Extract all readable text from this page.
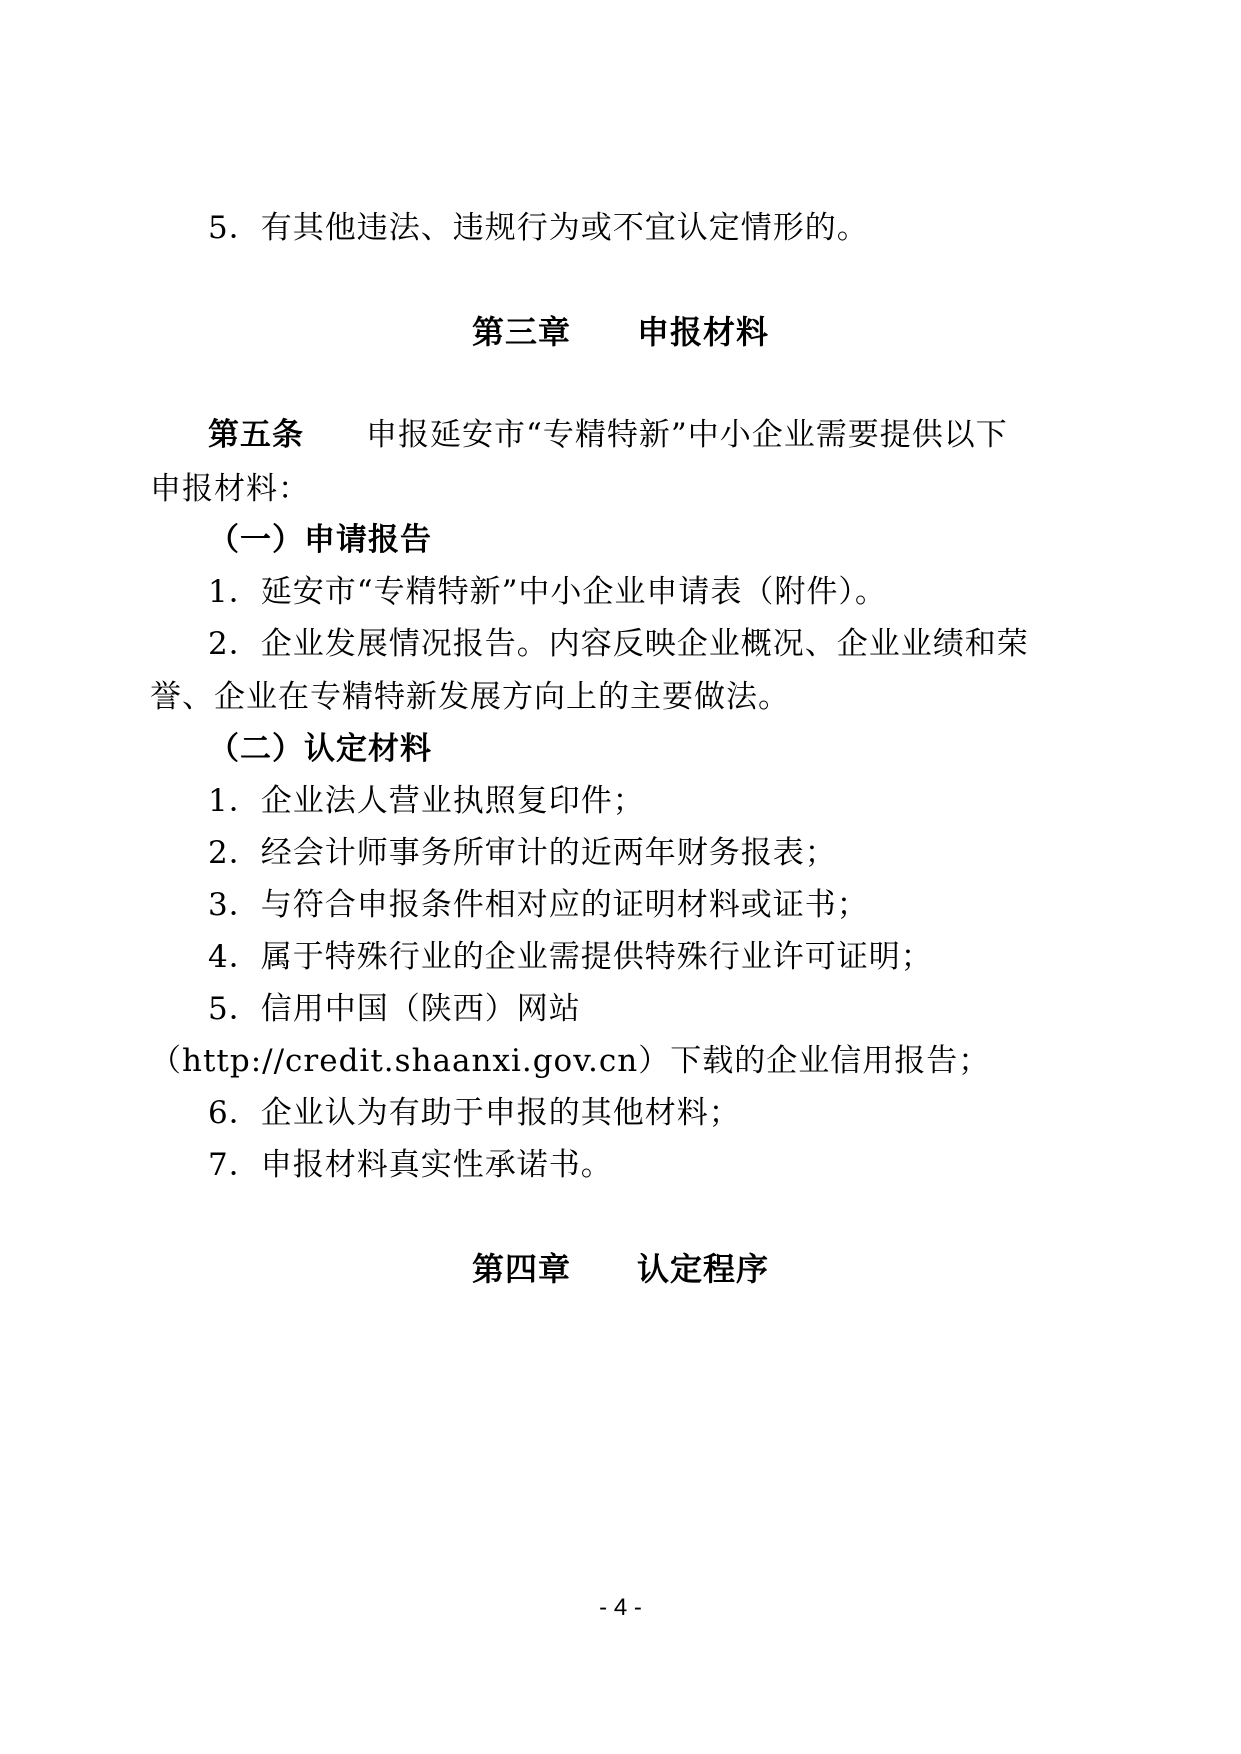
5．有其他违法、违规行为或不宜认定情形的。
第三章 申报材料
第五条 申报延安市“专精特新”中小企业需要提供以下
申报材料：
（一）申请报告
1．延安市“专精特新”中小企业申请表（附件）。
2．企业发展情况报告。内容反映企业概况、企业业绩和荣
誉、企业在专精特新发展方向上的主要做法。
（二）认定材料
1．企业法人营业执照复印件；
2．经会计师事务所审计的近两年财务报表；
3．与符合申报条件相对应的证明材料或证书；
4．属于特殊行业的企业需提供特殊行业许可证明；
5．信用中国（陕西）网站
（http://credit.shaanxi.gov.cn）下载的企业信用报告；
6．企业认为有助于申报的其他材料；
7．申报材料真实性承诺书。
第四章 认定程序
- 4 -
